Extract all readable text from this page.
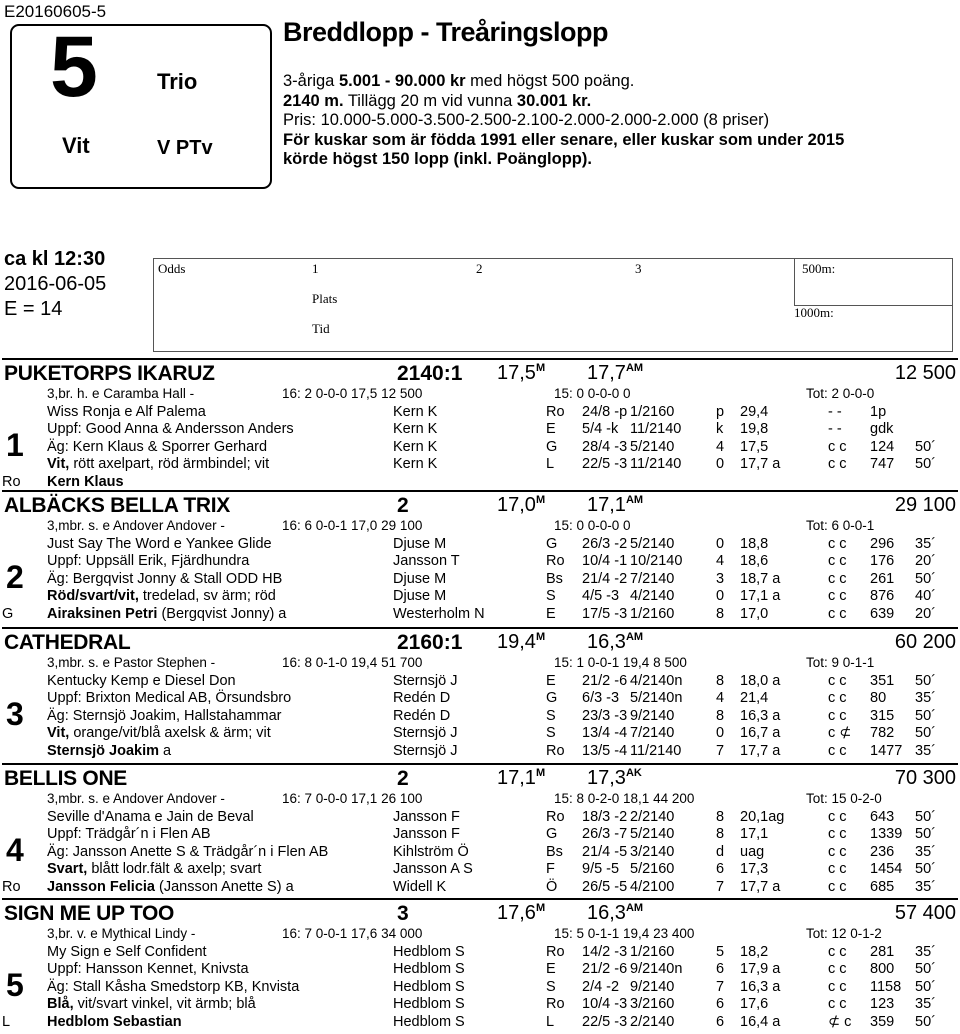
E20160605-5
5	Trio
Vit	V PTv
Breddlopp - Treåringslopp
3-åriga 5.001 - 90.000 kr med högst 500 poäng.
2140 m. Tillägg 20 m vid vunna 30.001 kr.
Pris: 10.000-5.000-3.500-2.500-2.100-2.000-2.000-2.000 (8 priser)
För kuskar som är födda 1991 eller senare, eller kuskar som under 2015
körde högst 150 lopp (inkl. Poänglopp).
ca kl 12:30
2016-06-05
E = 14
Odds	1	2	3
Plats
Tid
500m:
1000m:
PUKETORPS IKARUZ	2140:1 $17,5^M$ $17,7^{AM}$	12 500
3,br. h. e Caramba Hall -	16: 2 0-0-0 17,5 12 500	15: 0 0-0-0 0	Tot: 2 0-0-0
Wiss Ronja e Alf Palema	Kern K	Ro 24/8 -p 1/2160	p 29,4	- - 1p
Uppf: Good Anna & Andersson Anders	Kern K	E 5/4 -k 11/2140 k 19,8	- - gdk
Äg: Kern Klaus & Sporrer Gerhard	Kern K	G 28/4 -3 5/2140	4 17,5	c c 124 50´
Vit, rött axelpart, röd ärmbindel; vit	Kern K	L 22/5 -3 11/2140 0 17,7 a	c c 747 50´
Ro Kern Klaus
1
ALBÄCKS BELLA TRIX	2	$17,0^M$ $17,1^{AM}$	29 100
3,mbr. s. e Andover Andover -	16: 6 0-0-1 17,0 29 100	15: 0 0-0-0 0	Tot: 6 0-0-1
Just Say The Word e Yankee Glide	Djuse M	G 26/3 -2 5/2140	0 18,8	c c 296 35´
Uppf: Uppsäll Erik, Fjärdhundra	Jansson T	Ro 10/4 -1 10/2140 4 18,6	c c 176 20´
Äg: Bergqvist Jonny & Stall ODD HB	Djuse M	Bs 21/4 -2 7/2140	3 18,7 a	c c 261 50´
Röd/svart/vit, tredelad, sv ärm; röd	Djuse M	S 4/5 -3 4/2140	0 17,1 a	c c 876 40´
G Airaksinen Petri (Bergqvist Jonny) a	Westerholm N	E 17/5 -3 1/2160	8 17,0	c c 639 20´
2
CATHEDRAL	2160:1 $19,4^M$ $16,3^{AM}$	60 200
3,mbr. s. e Pastor Stephen -	16: 8 0-1-0 19,4 51 700	15: 1 0-0-1 19,4 8 500	Tot: 9 0-1-1
Kentucky Kemp e Diesel Don	Sternsjö J	E 21/2 -6 4/2140n 8 18,0 a	c c 351 50´
Uppf: Brixton Medical AB, Örsundsbro	Redén D	G 6/3 -3 5/2140n 4 21,4	c c 80 35´
Äg: Sternsjö Joakim, Hallstahammar	Redén D	S 23/3 -3 9/2140	8 16,3 a	c c 315 50´
Vit, orange/vit/blå axelsk & ärm; vit	Sternsjö J	S 13/4 -4 7/2140	0 16,7 a	c ⊄ 782 50´
Sternsjö Joakim a	Sternsjö J	Ro 13/5 -4 11/2140 7 17,7 a	c c 1477 35´
3
BELLIS ONE	2	$17,1^M$ $17,3^{AK}$	70 300
3,mbr. s. e Andover Andover -	16: 7 0-0-0 17,1 26 100	15: 8 0-2-0 18,1 44 200	Tot: 15 0-2-0
Seville d'Anama e Jain de Beval	Jansson F	Ro 18/3 -2 2/2140	8 20,1ag	c c 643 50´
Uppf: Trädgår´n i Flen AB	Jansson F	G 26/3 -7 5/2140	8 17,1	c c 1339 50´
Äg: Jansson Anette S & Trädgår´n i Flen AB	Kihlström Ö	Bs 21/4 -5 3/2140	d uag	c c 236 35´
Svart, blått lodr.fält & axelp; svart	Jansson A S	F 9/5 -5 5/2160	6 17,3	c c 1454 50´
Ro Jansson Felicia (Jansson Anette S) a	Widell K	Ö 26/5 -5 4/2100	7 17,7 a	c c 685 35´
4
SIGN ME UP TOO	3	$17,6^M$ $16,3^{AM}$	57 400
3,br. v. e Mythical Lindy -	16: 7 0-0-1 17,6 34 000	15: 5 0-1-1 19,4 23 400	Tot: 12 0-1-2
My Sign e Self Confident	Hedblom S	Ro 14/2 -3 1/2160	5 18,2	c c 281 35´
Uppf: Hansson Kennet, Knivsta	Hedblom S	E 21/2 -6 9/2140n 6 17,9 a	c c 800 50´
Äg: Stall Kåsha Smedstorp KB, Knvista	Hedblom S	S 2/4 -2 9/2140	7 16,3 a	c c 1158 50´
Blå, vit/svart vinkel, vit ärmb; blå	Hedblom S	Ro 10/4 -3 3/2160	6 17,6	c c 123 35´
L	Hedblom Sebastian	Hedblom S	L 22/5 -3 2/2140	6 16,4 a	⊄ c 359 50´
5
